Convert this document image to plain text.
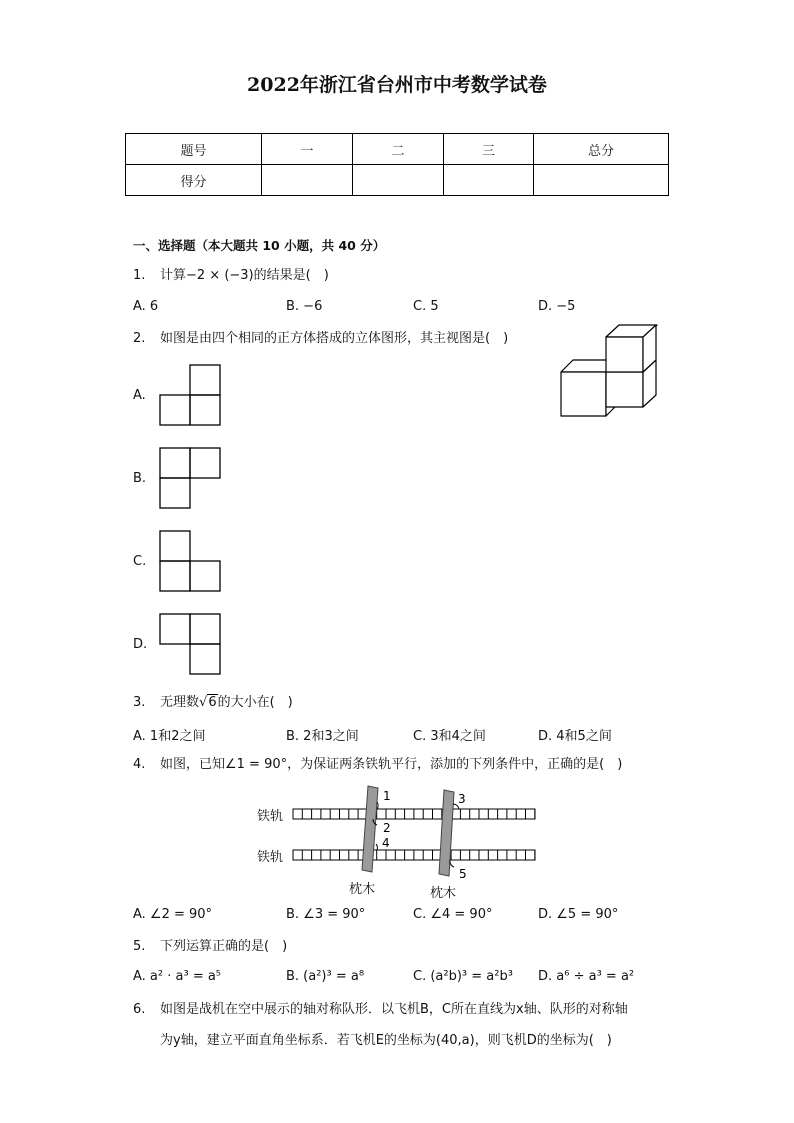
2022年浙江省台州市中考数学试卷
题号	一	二	三	总分
得分				
一、选择题（本大题共 10 小题，共 40 分）
1. 计算−2 × (−3)的结果是(　)
A. 6	B. −6	C. 5	D. −5
2. 如图是由四个相同的正方体搭成的立体图形，其主视图是(　)
A.
B.
C.
D.
3. 无理数√6的大小在(　)
A. 1和2之间	B. 2和3之间	C. 3和4之间	D. 4和5之间
4. 如图，已知∠1 = 90°，为保证两条铁轨平行，添加的下列条件中，正确的是(　)
铁轨
铁轨
枕木	枕木
1
2
3
4
5
A. ∠2 = 90°	B. ∠3 = 90°	C. ∠4 = 90°	D. ∠5 = 90°
5. 下列运算正确的是(　)
A. a² · a³ = a⁵	B. (a²)³ = a⁸	C. (a²b)³ = a²b³ D. a⁶ ÷ a³ = a²
6. 如图是战机在空中展示的轴对称队形．以飞机B，C所在直线为x轴、队形的对称轴
为y轴，建立平面直角坐标系．若飞机E的坐标为(40,a)，则飞机D的坐标为(　)
